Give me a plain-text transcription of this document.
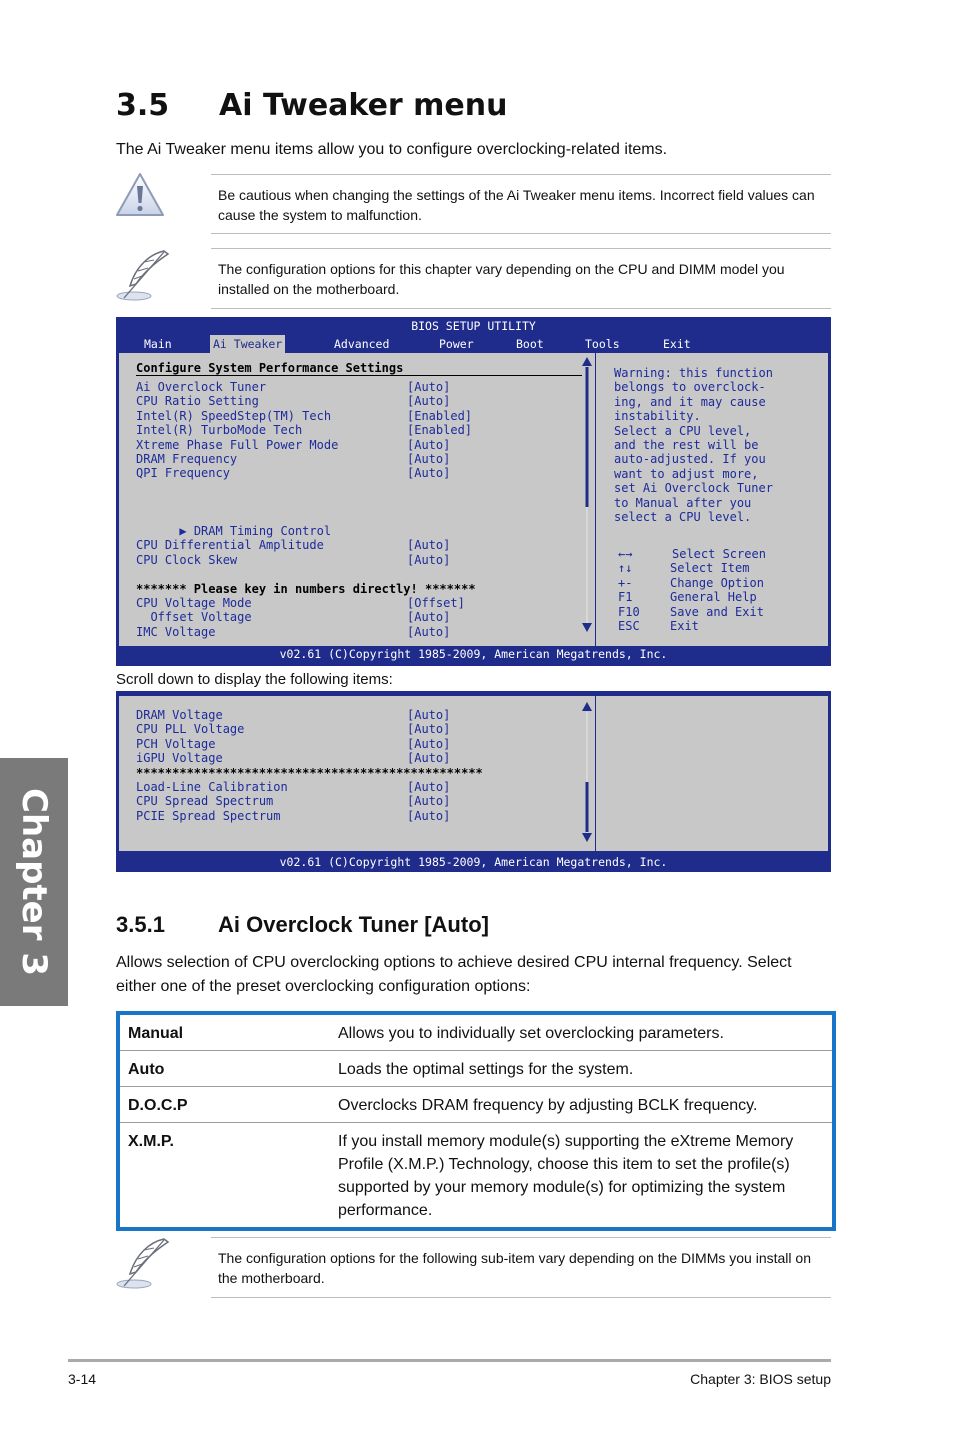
Chapter 3
3.5 Ai Tweaker menu
The Ai Tweaker menu items allow you to configure overclocking-related items.
Be cautious when changing the settings of the Ai Tweaker menu items. Incorrect field values can cause the system to malfunction.
The configuration options for this chapter vary depending on the CPU and DIMM model you installed on the motherboard.
BIOS SETUP UTILITY
Main	Ai Tweaker	Advanced	Power	Boot	Tools	Exit
Configure System Performance Settings
Ai Overclock Tuner	[Auto]
CPU Ratio Setting	[Auto]
Intel(R) SpeedStep(TM) Tech	[Enabled]
Intel(R) TurboMode Tech	[Enabled]
Xtreme Phase Full Power Mode	[Auto]
DRAM Frequency	[Auto]
QPI Frequency	[Auto]

▶ DRAM Timing Control

CPU Differential Amplitude	[Auto]
CPU Clock Skew	[Auto]
******* Please key in numbers directly! *******
CPU Voltage Mode	[Offset]
Offset Voltage	[Auto]
IMC Voltage	[Auto]
Warning: this function
belongs to overclock-
ing, and it may cause
instability.
Select a CPU level,
and the rest will be
auto-adjusted. If you
want to adjust more,
set Ai Overclock Tuner
to Manual after you
select a CPU level.
←→	Select Screen
↑↓	Select Item
+-	Change Option
F1	General Help
F10	Save and Exit
ESC	Exit
v02.61 (C)Copyright 1985-2009, American Megatrends, Inc.
Scroll down to display the following items:
DRAM Voltage	[Auto]
CPU PLL Voltage	[Auto]
PCH Voltage	[Auto]
iGPU Voltage	[Auto]
************************************************
Load-Line Calibration	[Auto]
CPU Spread Spectrum	[Auto]
PCIE Spread Spectrum	[Auto]
v02.61 (C)Copyright 1985-2009, American Megatrends, Inc.
3.5.1 Ai Overclock Tuner [Auto]
Allows selection of CPU overclocking options to achieve desired CPU internal frequency. Select either one of the preset overclocking configuration options:
Manual	Allows you to individually set overclocking parameters.
Auto	Loads the optimal settings for the system.
D.O.C.P	Overclocks DRAM frequency by adjusting BCLK frequency.
X.M.P.	If you install memory module(s) supporting the eXtreme Memory Profile (X.M.P.) Technology, choose this item to set the profile(s) supported by your memory module(s) for optimizing the system performance.
The configuration options for the following sub-item vary depending on the DIMMs you install on the motherboard.
3-14	Chapter 3: BIOS setup
